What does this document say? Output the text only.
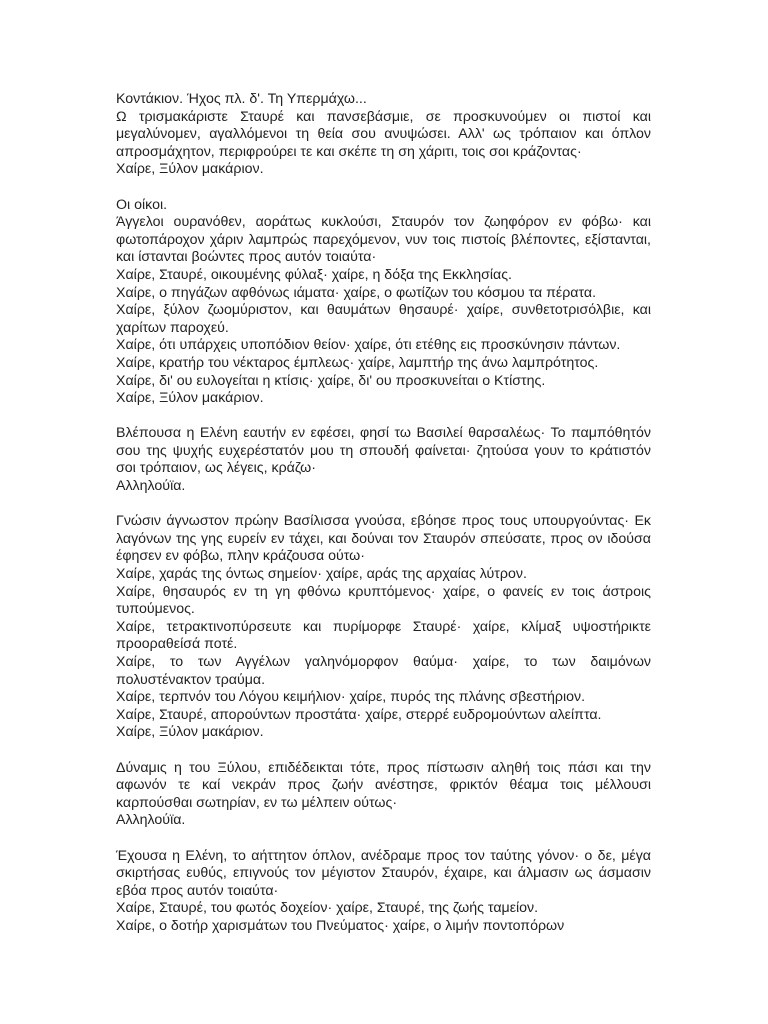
Κοντάκιον. Ήχος πλ. δ'. Τη Υπερμάχω...
Ω τρισμακάριστε Σταυρέ και πανσεβάσμιε, σε προσκυνούμεν οι πιστοί και μεγαλύνομεν, αγαλλόμενοι τη θεία σου ανυψώσει. Αλλ' ως τρόπαιον και όπλον απροσμάχητον, περιφρούρει τε και σκέπε τη ση χάριτι, τοις σοι κράζοντας·
Χαίρε, Ξύλον μακάριον.
Οι οίκοι.
Άγγελοι ουρανόθεν, αοράτως κυκλούσι, Σταυρόν τον ζωηφόρον εν φόβω· και φωτοπάροχον χάριν λαμπρώς παρεχόμενον, νυν τοις πιστοίς βλέποντες, εξίστανται, και ίστανται βοώντες προς αυτόν τοιαύτα·
Χαίρε, Σταυρέ, οικουμένης φύλαξ· χαίρε, η δόξα της Εκκλησίας.
Χαίρε, ο πηγάζων αφθόνως ιάματα· χαίρε, ο φωτίζων του κόσμου τα πέρατα.
Χαίρε, ξύλον ζωομύριστον, και θαυμάτων θησαυρέ· χαίρε, συνθετοτρισόλβιε, και χαρίτων παροχεύ.
Χαίρε, ότι υπάρχεις υποπόδιον θείον· χαίρε, ότι ετέθης εις προσκύνησιν πάντων.
Χαίρε, κρατήρ του νέκταρος έμπλεως· χαίρε, λαμπτήρ της άνω λαμπρότητος.
Χαίρε, δι' ου ευλογείται η κτίσις· χαίρε, δι' ου προσκυνείται ο Κτίστης.
Χαίρε, Ξύλον μακάριον.
Βλέπουσα η Ελένη εαυτήν εν εφέσει, φησί τω Βασιλεί θαρσαλέως· Το παμπόθητόν σου της ψυχής ευχερέστατόν μου τη σπουδή φαίνεται· ζητούσα γουν το κράτιστόν σοι τρόπαιον, ως λέγεις, κράζω·
Αλληλούϊα.
Γνώσιν άγνωστον πρώην Βασίλισσα γνούσα, εβόησε προς τους υπουργούντας· Εκ λαγόνων της γης ευρείν εν τάχει, και δούναι τον Σταυρόν σπεύσατε, προς ον ιδούσα έφησεν εν φόβω, πλην κράζουσα ούτω·
Χαίρε, χαράς της όντως σημείον· χαίρε, αράς της αρχαίας λύτρον.
Χαίρε, θησαυρός εν τη γη φθόνω κρυπτόμενος· χαίρε, ο φανείς εν τοις άστροις τυπούμενος.
Χαίρε, τετρακτινοπύρσευτε και πυρίμορφε Σταυρέ· χαίρε, κλίμαξ υψοστήρικτε προοραθείσά ποτέ.
Χαίρε, το των Αγγέλων γαληνόμορφον θαύμα· χαίρε, το των δαιμόνων πολυστένακτον τραύμα.
Χαίρε, τερπνόν του Λόγου κειμήλιον· χαίρε, πυρός της πλάνης σβεστήριον.
Χαίρε, Σταυρέ, απορούντων προστάτα· χαίρε, στερρέ ευδρομούντων αλείπτα.
Χαίρε, Ξύλον μακάριον.
Δύναμις η του Ξύλου, επιδέδεικται τότε, προς πίστωσιν αληθή τοις πάσι και την αφωνόν τε καί νεκράν προς ζωήν ανέστησε, φρικτόν θέαμα τοις μέλλουσι καρπούσθαι σωτηρίαν, εν τω μέλπειν ούτως·
Αλληλούϊα.
Έχουσα η Ελένη, το αήττητον όπλον, ανέδραμε προς τον ταύτης γόνον· ο δε, μέγα σκιρτήσας ευθύς, επιγνούς τον μέγιστον Σταυρόν, έχαιρε, και άλμασιν ως άσμασιν εβόα προς αυτόν τοιαύτα·
Χαίρε, Σταυρέ, του φωτός δοχείον· χαίρε, Σταυρέ, της ζωής ταμείον.
Χαίρε, ο δοτήρ χαρισμάτων του Πνεύματος· χαίρε, ο λιμήν ποντοπόρων
